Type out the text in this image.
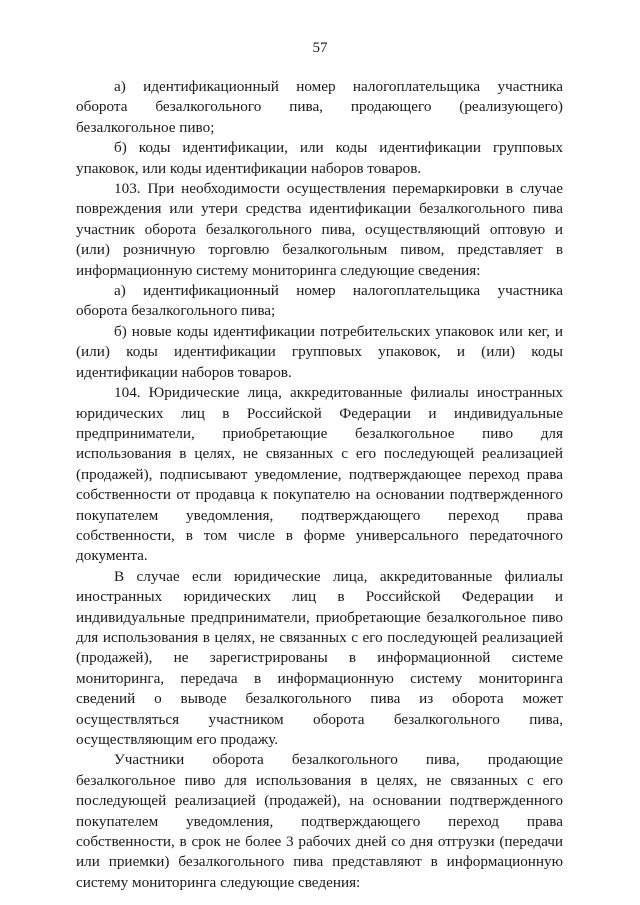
57

а) идентификационный номер налогоплательщика участника оборота безалкогольного пива, продающего (реализующего) безалкогольное пиво;

б) коды идентификации, или коды идентификации групповых упаковок, или коды идентификации наборов товаров.

103. При необходимости осуществления перемаркировки в случае повреждения или утери средства идентификации безалкогольного пива участник оборота безалкогольного пива, осуществляющий оптовую и (или) розничную торговлю безалкогольным пивом, представляет в информационную систему мониторинга следующие сведения:

а) идентификационный номер налогоплательщика участника оборота безалкогольного пива;

б) новые коды идентификации потребительских упаковок или кег, и (или) коды идентификации групповых упаковок, и (или) коды идентификации наборов товаров.

104. Юридические лица, аккредитованные филиалы иностранных юридических лиц в Российской Федерации и индивидуальные предприниматели, приобретающие безалкогольное пиво для использования в целях, не связанных с его последующей реализацией (продажей), подписывают уведомление, подтверждающее переход права собственности от продавца к покупателю на основании подтвержденного покупателем уведомления, подтверждающего переход права собственности, в том числе в форме универсального передаточного документа.

В случае если юридические лица, аккредитованные филиалы иностранных юридических лиц в Российской Федерации и индивидуальные предприниматели, приобретающие безалкогольное пиво для использования в целях, не связанных с его последующей реализацией (продажей), не зарегистрированы в информационной системе мониторинга, передача в информационную систему мониторинга сведений о выводе безалкогольного пива из оборота может осуществляться участником оборота безалкогольного пива, осуществляющим его продажу.

Участники оборота безалкогольного пива, продающие безалкогольное пиво для использования в целях, не связанных с его последующей реализацией (продажей), на основании подтвержденного покупателем уведомления, подтверждающего переход права собственности, в срок не более 3 рабочих дней со дня отгрузки (передачи или приемки) безалкогольного пива представляют в информационную систему мониторинга следующие сведения:
